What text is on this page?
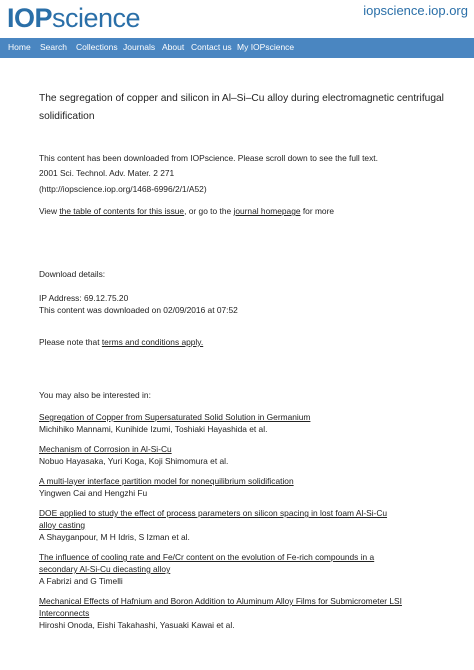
IOPscience	iopscience.iop.org
Home Search Collections Journals About Contact us My IOPscience
The segregation of copper and silicon in Al–Si–Cu alloy during electromagnetic centrifugal
solidification
This content has been downloaded from IOPscience. Please scroll down to see the full text.
2001 Sci. Technol. Adv. Mater. 2 271
(http://iopscience.iop.org/1468-6996/2/1/A52)
View the table of contents for this issue, or go to the journal homepage for more
Download details:
IP Address: 69.12.75.20
This content was downloaded on 02/09/2016 at 07:52
Please note that terms and conditions apply.
You may also be interested in:
Segregation of Copper from Supersaturated Solid Solution in Germanium
Michihiko Mannami, Kunihide Izumi, Toshiaki Hayashida et al.
Mechanism of Corrosion in Al-Si-Cu
Nobuo Hayasaka, Yuri Koga, Koji Shimomura et al.
A multi-layer interface partition model for nonequilibrium solidification
Yingwen Cai and Hengzhi Fu
DOE applied to study the effect of process parameters on silicon spacing in lost foam Al-Si-Cu
alloy casting
A Shayganpour, M H Idris, S Izman et al.
The influence of cooling rate and Fe/Cr content on the evolution of Fe-rich compounds in a
secondary Al-Si-Cu diecasting alloy
A Fabrizi and G Timelli
Mechanical Effects of Hafnium and Boron Addition to Aluminum Alloy Films for Submicrometer LSI
Interconnects
Hiroshi Onoda, Eishi Takahashi, Yasuaki Kawai et al.
